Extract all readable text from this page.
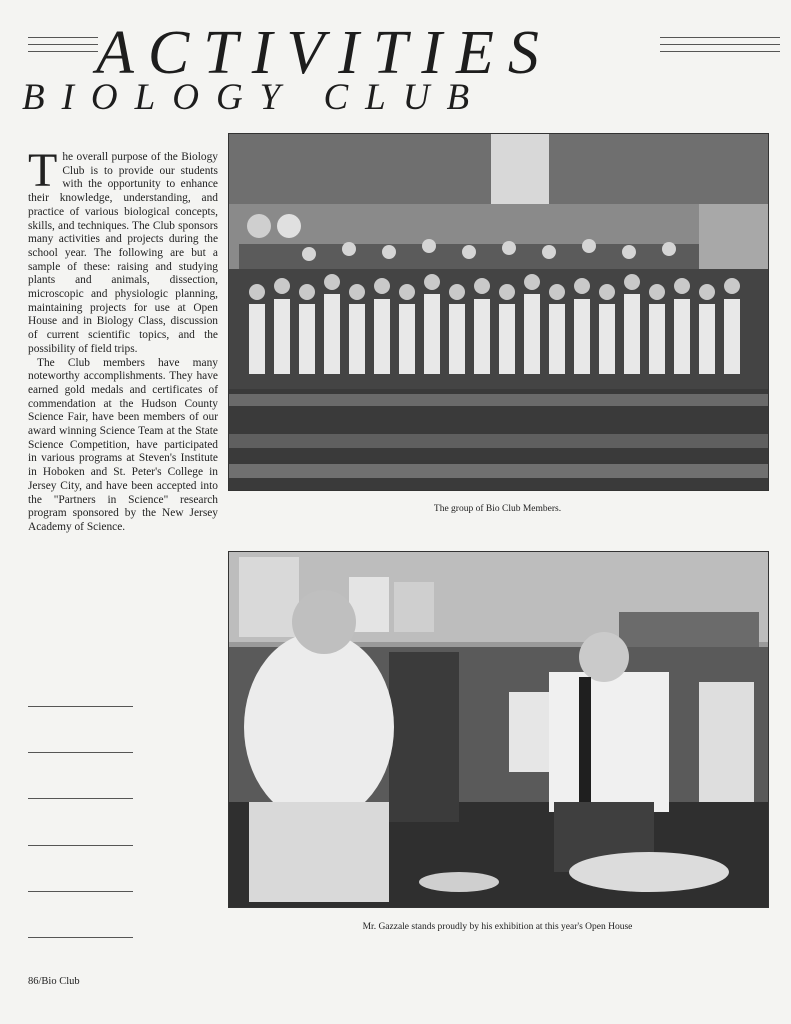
ACTIVITIES
BIOLOGY CLUB

The overall purpose of the Biology Club is to provide our students with the opportunity to enhance their knowledge, understanding, and practice of various biological concepts, skills, and techniques. The Club sponsors many activities and projects during the school year. The following are but a sample of these: raising and studying plants and animals, dissection, microscopic and physiologic planning, maintaining projects for use at Open House and in Biology Class, discussion of current scientific topics, and the possibility of field trips.

The Club members have many noteworthy accomplishments. They have earned gold medals and certificates of commendation at the Hudson County Science Fair, have been members of our award winning Science Team at the State Science Competition, have participated in various programs at Steven's Institute in Hoboken and St. Peter's College in Jersey City, and have been accepted into the "Partners in Science" research program sponsored by the New Jersey Academy of Science.

The group of Bio Club Members.

Mr. Gazzale stands proudly by his exhibition at this year's Open House

86/Bio Club
